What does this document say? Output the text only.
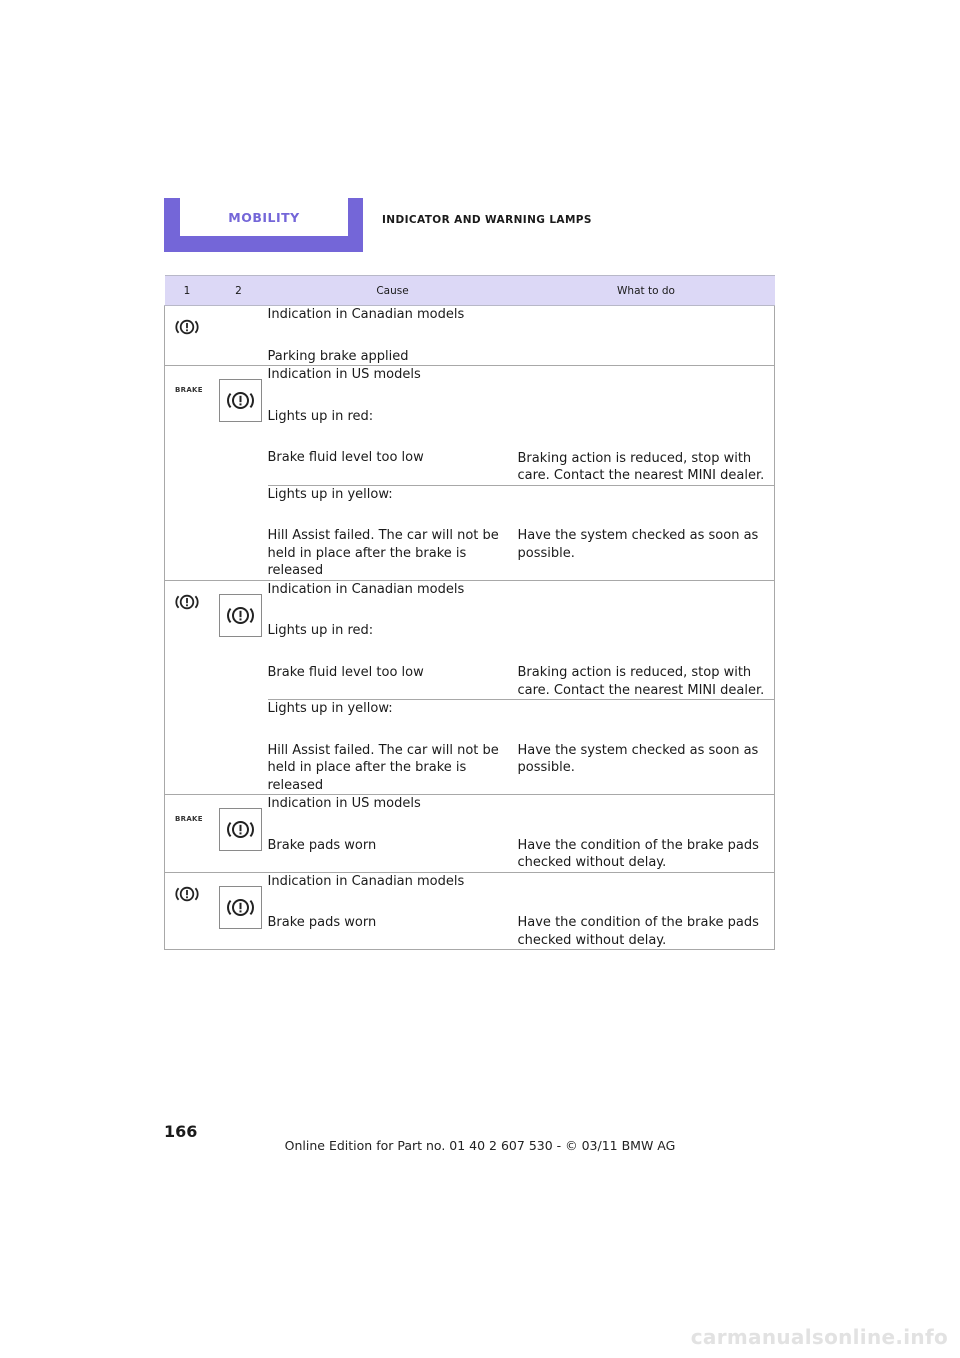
MOBILITY	INDICATOR AND WARNING LAMPS
1	2	Cause	What to do

Indication in Canadian models

Parking brake applied	

BRAKE		Indication in US models

Lights up in red:

Brake fluid level too low	Braking action is reduced, stop with care. Contact the nearest MINI dealer.

		Lights up in yellow:

Hill Assist failed. The car will not be held in place after the brake is released	Have the system checked as soon as possible.

Indication in Canadian models

Lights up in red:

Brake fluid level too low	Braking action is reduced, stop with care. Contact the nearest MINI dealer.

		Lights up in yellow:

Hill Assist failed. The car will not be held in place after the brake is released	Have the system checked as soon as possible.

BRAKE		Indication in US models

Brake pads worn	Have the condition of the brake pads checked without delay.

Indication in Canadian models

Brake pads worn	Have the condition of the brake pads checked without delay.

166
Online Edition for Part no. 01 40 2 607 530 - © 03/11 BMW AG
carmanualsonline.info
